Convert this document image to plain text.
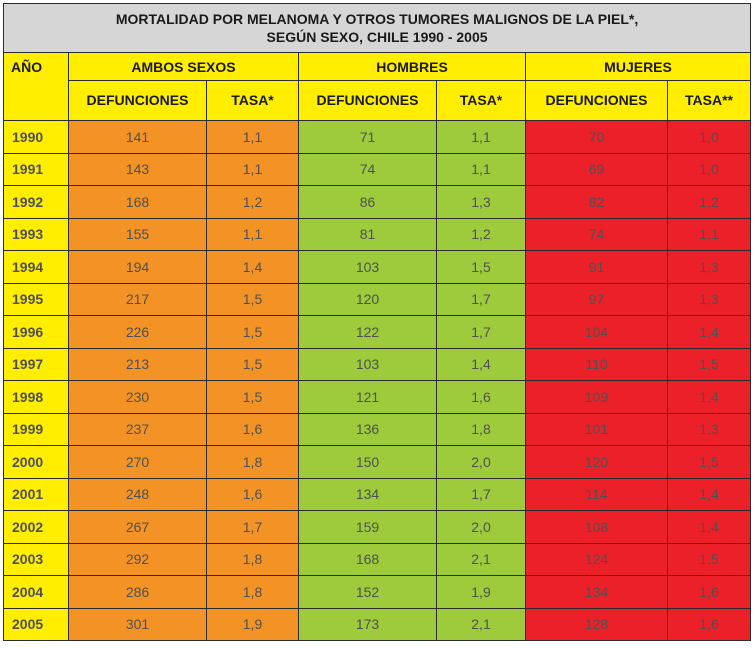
MORTALIDAD POR MELANOMA Y OTROS TUMORES MALIGNOS DE LA PIEL*,
SEGÚN SEXO, CHILE 1990 - 2005						

AÑO	AMBOS SEXOS		HOMBRES		MUJERES	
	DEFUNCIONES	TASA*	DEFUNCIONES	TASA*	DEFUNCIONES	TASA**
1990	141	1,1	71	1,1	70	1,0
1991	143	1,1	74	1,1	69	1,0
1992	168	1,2	86	1,3	82	1,2
1993	155	1,1	81	1,2	74	1,1
1994	194	1,4	103	1,5	91	1,3
1995	217	1,5	120	1,7	97	1,3
1996	226	1,5	122	1,7	104	1,4
1997	213	1,5	103	1,4	110	1,5
1998	230	1,5	121	1,6	109	1,4
1999	237	1,6	136	1,8	101	1,3
2000	270	1,8	150	2,0	120	1,5
2001	248	1,6	134	1,7	114	1,4
2002	267	1,7	159	2,0	108	1,4
2003	292	1,8	168	2,1	124	1,5
2004	286	1,8	152	1,9	134	1,6
2005	301	1,9	173	2,1	128	1,6
